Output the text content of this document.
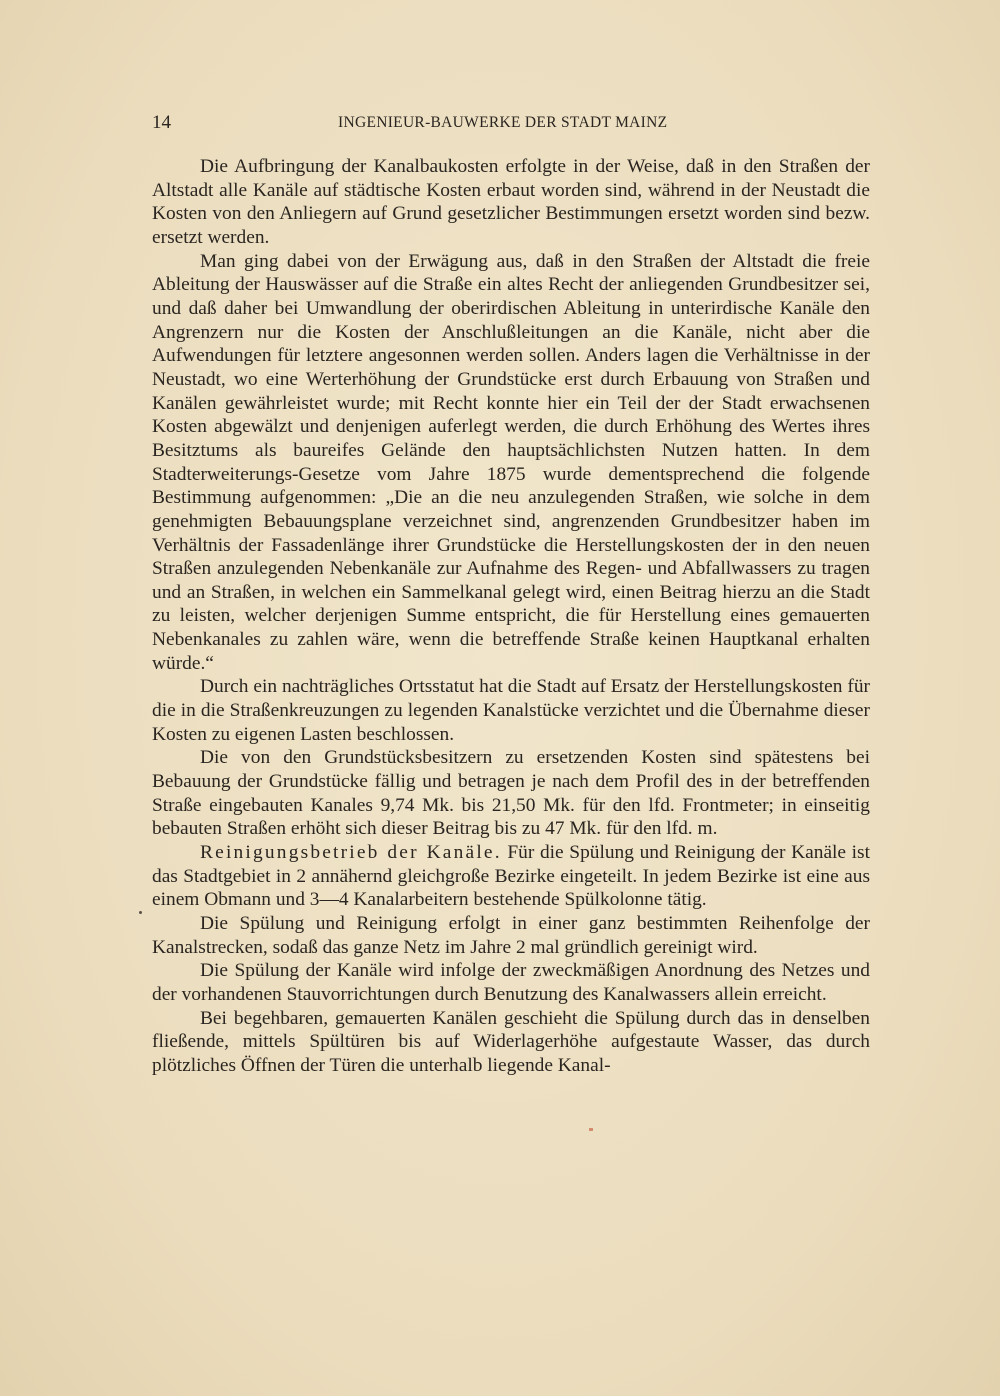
14	INGENIEUR-BAUWERKE DER STADT MAINZ

Die Aufbringung der Kanalbaukosten erfolgte in der Weise, daß in den Straßen der Altstadt alle Kanäle auf städtische Kosten erbaut worden sind, während in der Neustadt die Kosten von den Anliegern auf Grund gesetzlicher Bestimmungen ersetzt worden sind bezw. ersetzt werden.

Man ging dabei von der Erwägung aus, daß in den Straßen der Altstadt die freie Ableitung der Hauswässer auf die Straße ein altes Recht der anliegenden Grundbesitzer sei, und daß daher bei Umwandlung der oberirdischen Ableitung in unterirdische Kanäle den Angrenzern nur die Kosten der Anschlußleitungen an die Kanäle, nicht aber die Aufwendungen für letztere angesonnen werden sollen. Anders lagen die Verhältnisse in der Neustadt, wo eine Werterhöhung der Grundstücke erst durch Erbauung von Straßen und Kanälen gewährleistet wurde; mit Recht konnte hier ein Teil der der Stadt erwachsenen Kosten abgewälzt und denjenigen auferlegt werden, die durch Erhöhung des Wertes ihres Besitztums als baureifes Gelände den hauptsächlichsten Nutzen hatten. In dem Stadterweiterungs-Gesetze vom Jahre 1875 wurde dementsprechend die folgende Bestimmung aufgenommen: „Die an die neu anzulegenden Straßen, wie solche in dem genehmigten Bebauungsplane verzeichnet sind, angrenzenden Grundbesitzer haben im Verhältnis der Fassadenlänge ihrer Grundstücke die Herstellungskosten der in den neuen Straßen anzulegenden Nebenkanäle zur Aufnahme des Regen- und Abfallwassers zu tragen und an Straßen, in welchen ein Sammelkanal gelegt wird, einen Beitrag hierzu an die Stadt zu leisten, welcher derjenigen Summe entspricht, die für Herstellung eines gemauerten Nebenkanales zu zahlen wäre, wenn die betreffende Straße keinen Hauptkanal erhalten würde.“

Durch ein nachträgliches Ortsstatut hat die Stadt auf Ersatz der Herstellungskosten für die in die Straßenkreuzungen zu legenden Kanalstücke verzichtet und die Übernahme dieser Kosten zu eigenen Lasten beschlossen.

Die von den Grundstücksbesitzern zu ersetzenden Kosten sind spätestens bei Bebauung der Grundstücke fällig und betragen je nach dem Profil des in der betreffenden Straße eingebauten Kanales 9,74 Mk. bis 21,50 Mk. für den lfd. Frontmeter; in einseitig bebauten Straßen erhöht sich dieser Beitrag bis zu 47 Mk. für den lfd. m.

Reinigungsbetrieb der Kanäle. Für die Spülung und Reinigung der Kanäle ist das Stadtgebiet in 2 annähernd gleichgroße Bezirke eingeteilt. In jedem Bezirke ist eine aus einem Obmann und 3—4 Kanalarbeitern bestehende Spülkolonne tätig.

Die Spülung und Reinigung erfolgt in einer ganz bestimmten Reihenfolge der Kanalstrecken, sodaß das ganze Netz im Jahre 2 mal gründlich gereinigt wird.

Die Spülung der Kanäle wird infolge der zweckmäßigen Anordnung des Netzes und der vorhandenen Stauvorrichtungen durch Benutzung des Kanalwassers allein erreicht.

Bei begehbaren, gemauerten Kanälen geschieht die Spülung durch das in denselben fließende, mittels Spültüren bis auf Widerlagerhöhe aufgestaute Wasser, das durch plötzliches Öffnen der Türen die unterhalb liegende Kanal-
